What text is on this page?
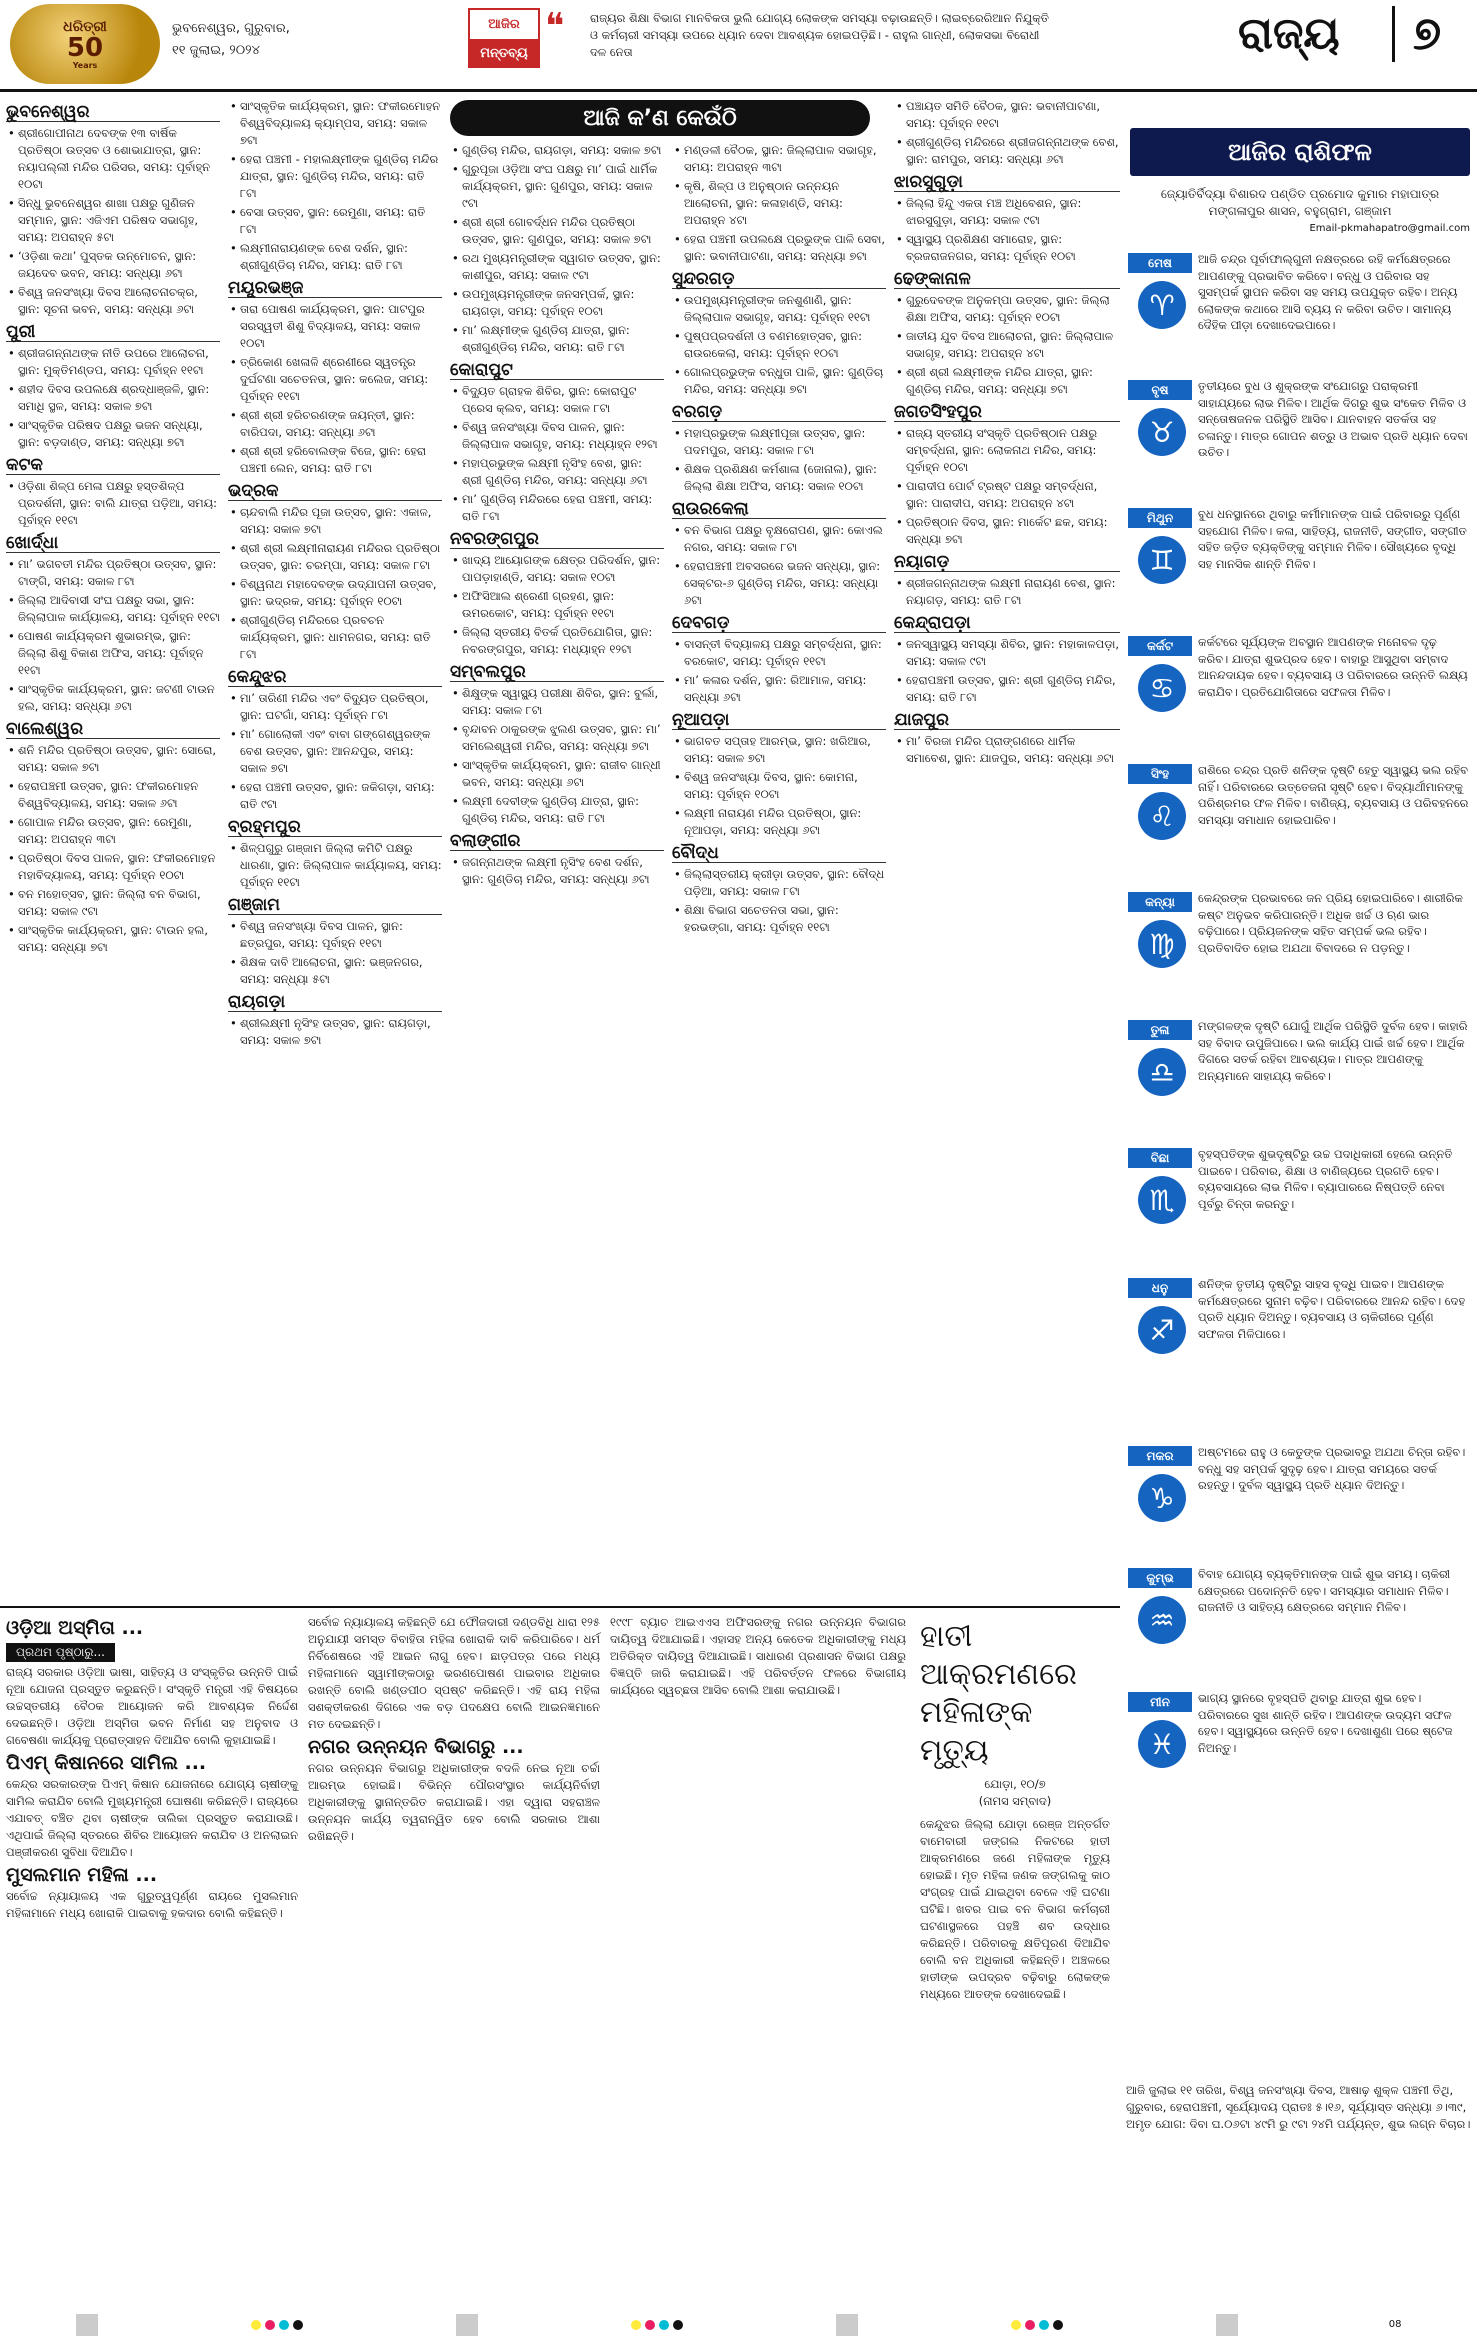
ଧରିତ୍ରୀ
50
Years
ଭୁବନେଶ୍ୱର, ଗୁରୁବାର,
୧୧ ଜୁଲାଇ, ୨୦୨୪
ଆଜିର
ମନ୍ତବ୍ୟ
❝ ରାଜ୍ୟର ଶିକ୍ଷା ବିଭାଗ ମାନବିକତା ଭୁଲି ଯୋଗ୍ୟ ଲୋକଙ୍କ ସମସ୍ୟା ବଢ଼ାଉଛନ୍ତି। ଲାଇବ୍ରେରିଆନ ନିଯୁକ୍ତି ଓ କର୍ମଚାରୀ ସମସ୍ୟା ଉପରେ ଧ୍ୟାନ ଦେବା ଆବଶ୍ୟକ ହୋଇପଡ଼ିଛି। - ରାହୁଲ ଗାନ୍ଧୀ, ଲୋକସଭା ବିରୋଧୀ ଦଳ ନେତା	ରାଜ୍ୟ	୭
ଆଜି କ’ଣ କେଉଁଠି
ଭୁବନେଶ୍ୱର
• ଶ୍ରୀଗୋପୀନାଥ ଦେବଙ୍କ ୧୩ ବାର୍ଷିକ ପ୍ରତିଷ୍ଠା ଉତ୍ସବ ଓ ଶୋଭାଯାତ୍ରା, ସ୍ଥାନ: ନୟାପଲ୍ଲୀ ମନ୍ଦିର ପରିସର, ସମୟ: ପୂର୍ବାହ୍ନ ୧୦ଟା
• ସିନ୍ଧୁ ଭୁବନେଶ୍ୱର ଶାଖା ପକ୍ଷରୁ ଗୁଣିଜନ ସମ୍ମାନ, ସ୍ଥାନ: ଏଜିଏମ ପରିଷଦ ସଭାଗୃହ, ସମୟ: ଅପରାହ୍ନ ୫ଟା
• ‘ଓଡ଼ିଶା କଥା’ ପୁସ୍ତକ ଉନ୍ମୋଚନ, ସ୍ଥାନ: ଜୟଦେବ ଭବନ, ସମୟ: ସନ୍ଧ୍ୟା ୬ଟା
• ବିଶ୍ୱ ଜନସଂଖ୍ୟା ଦିବସ ଆଲୋଚନାଚକ୍ର, ସ୍ଥାନ: ସୂଚନା ଭବନ, ସମୟ: ସନ୍ଧ୍ୟା ୬ଟା
ପୁରୀ
• ଶ୍ରୀଜଗନ୍ନାଥଙ୍କ ନୀତି ଉପରେ ଆଲୋଚନା, ସ୍ଥାନ: ମୁକ୍ତିମଣ୍ଡପ, ସମୟ: ପୂର୍ବାହ୍ନ ୧୧ଟା
• ଶହୀଦ ଦିବସ ଉପଲକ୍ଷେ ଶ୍ରଦ୍ଧାଞ୍ଜଳି, ସ୍ଥାନ: ସମାଧି ସ୍ଥଳ, ସମୟ: ସକାଳ ୭ଟା
• ସାଂସ୍କୃତିକ ପରିଷଦ ପକ୍ଷରୁ ଭଜନ ସନ୍ଧ୍ୟା, ସ୍ଥାନ: ବଡ଼ଦାଣ୍ଡ, ସମୟ: ସନ୍ଧ୍ୟା ୭ଟା
କଟକ
• ଓଡ଼ିଶା ଶିଳ୍ପ ମେଳା ପକ୍ଷରୁ ହସ୍ତଶିଳ୍ପ ପ୍ରଦର୍ଶନୀ, ସ୍ଥାନ: ବାଲି ଯାତ୍ରା ପଡ଼ିଆ, ସମୟ: ପୂର୍ବାହ୍ନ ୧୧ଟା
ଖୋର୍ଦ୍ଧା
• ମା’ ଭଗବତୀ ମନ୍ଦିର ପ୍ରତିଷ୍ଠା ଉତ୍ସବ, ସ୍ଥାନ: ଟାଙ୍ଗି, ସମୟ: ସକାଳ ୮ଟା
• ଜିଲ୍ଲା ଆଦିବାସୀ ସଂଘ ପକ୍ଷରୁ ସଭା, ସ୍ଥାନ: ଜିଲ୍ଲାପାଳ କାର୍ଯ୍ୟାଳୟ, ସମୟ: ପୂର୍ବାହ୍ନ ୧୧ଟା
• ପୋଷଣ କାର୍ଯ୍ୟକ୍ରମ ଶୁଭାରମ୍ଭ, ସ୍ଥାନ: ଜିଲ୍ଲା ଶିଶୁ ବିକାଶ ଅଫିସ, ସମୟ: ପୂର୍ବାହ୍ନ ୧୧ଟା
• ସାଂସ୍କୃତିକ କାର୍ଯ୍ୟକ୍ରମ, ସ୍ଥାନ: ଜଟଣୀ ଟାଉନ ହଲ, ସମୟ: ସନ୍ଧ୍ୟା ୬ଟା
ବାଲେଶ୍ୱର
• ଶନି ମନ୍ଦିର ପ୍ରତିଷ୍ଠା ଉତ୍ସବ, ସ୍ଥାନ: ସୋରୋ, ସମୟ: ସକାଳ ୭ଟା
• ହେରାପଞ୍ଚମୀ ଉତ୍ସବ, ସ୍ଥାନ: ଫକୀରମୋହନ ବିଶ୍ୱବିଦ୍ୟାଳୟ, ସମୟ: ସକାଳ ୬ଟା
• ଗୋପାଳ ମନ୍ଦିର ଉତ୍ସବ, ସ୍ଥାନ: ରେମୁଣା, ସମୟ: ଅପରାହ୍ନ ୩ଟା
• ପ୍ରତିଷ୍ଠା ଦିବସ ପାଳନ, ସ୍ଥାନ: ଫକୀରମୋହନ ମହାବିଦ୍ୟାଳୟ, ସମୟ: ପୂର୍ବାହ୍ନ ୧୦ଟା
• ବନ ମହୋତ୍ସବ, ସ୍ଥାନ: ଜିଲ୍ଲା ବନ ବିଭାଗ, ସମୟ: ସକାଳ ୯ଟା
• ସାଂସ୍କୃତିକ କାର୍ଯ୍ୟକ୍ରମ, ସ୍ଥାନ: ଟାଉନ ହଲ, ସମୟ: ସନ୍ଧ୍ୟା ୭ଟା
• ସାଂସ୍କୃତିକ କାର୍ଯ୍ୟକ୍ରମ, ସ୍ଥାନ: ଫକୀରମୋହନ ବିଶ୍ୱବିଦ୍ୟାଳୟ କ୍ୟାମ୍ପସ, ସମୟ: ସକାଳ ୭ଟା
• ହେରା ପଞ୍ଚମୀ - ମହାଲକ୍ଷ୍ମୀଙ୍କ ଗୁଣ୍ଡିଚା ମନ୍ଦିର ଯାତ୍ରା, ସ୍ଥାନ: ଗୁଣ୍ଡିଚା ମନ୍ଦିର, ସମୟ: ରାତି ୮ଟା
• ବେସା ଉତ୍ସବ, ସ୍ଥାନ: ରେମୁଣା, ସମୟ: ରାତି ୮ଟା
• ଲକ୍ଷ୍ମୀନାରାୟଣଙ୍କ ବେଶ ଦର୍ଶନ, ସ୍ଥାନ: ଶ୍ରୀଗୁଣ୍ଡିଚା ମନ୍ଦିର, ସମୟ: ରାତି ୮ଟା
ମୟୂରଭଞ୍ଜ
• ତାରା ପୋଷଣ କାର୍ଯ୍ୟକ୍ରମ, ସ୍ଥାନ: ପାଟପୁର ସରସ୍ୱତୀ ଶିଶୁ ବିଦ୍ୟାଳୟ, ସମୟ: ସକାଳ ୧୦ଟା
• ତ୍ରିକୋଣ ଖେଳାଳି ଶ୍ରେଣୀରେ ସ୍ୱତନ୍ତ୍ର ଦୁର୍ଘଟଣା ସଚେତନତା, ସ୍ଥାନ: କଲେଜ, ସମୟ: ପୂର୍ବାହ୍ନ ୧୧ଟା
• ଶ୍ରୀ ଶ୍ରୀ ହରିଚରଣଙ୍କ ଜୟନ୍ତୀ, ସ୍ଥାନ: ବାରିପଦା, ସମୟ: ସନ୍ଧ୍ୟା ୬ଟା
• ଶ୍ରୀ ଶ୍ରୀ ହରିବୋଲଙ୍କ ବିଜେ, ସ୍ଥାନ: ହେରା ପଞ୍ଚମୀ ଲେନ, ସମୟ: ରାତି ୮ଟା
ଭଦ୍ରକ
• ଚାନ୍ଦବାଲି ମନ୍ଦିର ପୂଜା ଉତ୍ସବ, ସ୍ଥାନ: ଏକାଳ, ସମୟ: ସକାଳ ୭ଟା
• ଶ୍ରୀ ଶ୍ରୀ ଲକ୍ଷ୍ମୀନାରାୟଣ ମନ୍ଦିରର ପ୍ରତିଷ୍ଠା ଉତ୍ସବ, ସ୍ଥାନ: ଚରମ୍ପା, ସମୟ: ସକାଳ ୮ଟା
• ବିଶ୍ୱନାଥ ମହାଦେବଙ୍କ ଉଦ୍‌ଯାପନୀ ଉତ୍ସବ, ସ୍ଥାନ: ଭଦ୍ରକ, ସମୟ: ପୂର୍ବାହ୍ନ ୧୦ଟା
• ଶ୍ରୀଗୁଣ୍ଡିଚା ମନ୍ଦିରରେ ପ୍ରବଚନ କାର୍ଯ୍ୟକ୍ରମ, ସ୍ଥାନ: ଧାମନଗର, ସମୟ: ରାତି ୮ଟା
କେନ୍ଦୁଝର
• ମା’ ତାରିଣୀ ମନ୍ଦିର ଏବଂ ବିଦ୍ୟୁତ ପ୍ରତିଷ୍ଠା, ସ୍ଥାନ: ଘଟଗାଁ, ସମୟ: ପୂର୍ବାହ୍ନ ୮ଟା
• ମା’ ଗୋଲୋକୀ ଏବଂ ବାବା ଗଙ୍ଗେଶ୍ୱରଙ୍କ ବେଶ ଉତ୍ସବ, ସ୍ଥାନ: ଆନନ୍ଦପୁର, ସମୟ: ସକାଳ ୭ଟା
• ହେରା ପଞ୍ଚମୀ ଉତ୍ସବ, ସ୍ଥାନ: ଜକିଗଡ଼ା, ସମୟ: ରାତି ୯ଟା
ବ୍ରହ୍ମପୁର
• ଶିଳ୍ପଗୁରୁ ଗଞ୍ଜାମ ଜିଲ୍ଲା କମିଟି ପକ୍ଷରୁ ଧାରଣା, ସ୍ଥାନ: ଜିଲ୍ଲାପାଳ କାର୍ଯ୍ୟାଳୟ, ସମୟ: ପୂର୍ବାହ୍ନ ୧୧ଟା
ଗଞ୍ଜାମ
• ବିଶ୍ୱ ଜନସଂଖ୍ୟା ଦିବସ ପାଳନ, ସ୍ଥାନ: ଛତ୍ରପୁର, ସମୟ: ପୂର୍ବାହ୍ନ ୧୧ଟା
• ଶିକ୍ଷକ ଦାବି ଆଲୋଚନା, ସ୍ଥାନ: ଭଞ୍ଜନଗର, ସମୟ: ସନ୍ଧ୍ୟା ୫ଟା
ରାୟଗଡ଼ା
• ଶ୍ରୀଲକ୍ଷ୍ମୀ ନୃସିଂହ ଉତ୍ସବ, ସ୍ଥାନ: ରାୟଗଡ଼ା, ସମୟ: ସକାଳ ୭ଟା
• ଗୁଣ୍ଡିଚା ମନ୍ଦିର, ରାୟଗଡ଼ା, ସମୟ: ସକାଳ ୭ଟା
• ଗୁରୁପୂଜା ଓଡ଼ିଆ ସଂଘ ପକ୍ଷରୁ ମା’ ପାଇଁ ଧାର୍ମିକ କାର୍ଯ୍ୟକ୍ରମ, ସ୍ଥାନ: ଗୁଣପୁର, ସମୟ: ସକାଳ ୯ଟା
• ଶ୍ରୀ ଶ୍ରୀ ଗୋବର୍ଦ୍ଧନ ମନ୍ଦିର ପ୍ରତିଷ୍ଠା ଉତ୍ସବ, ସ୍ଥାନ: ଗୁଣପୁର, ସମୟ: ସକାଳ ୭ଟା
• ରଥ ମୁଖ୍ୟମନ୍ତ୍ରୀଙ୍କ ସ୍ୱାଗତ ଉତ୍ସବ, ସ୍ଥାନ: କାଶୀପୁର, ସମୟ: ସକାଳ ୯ଟା
• ଉପମୁଖ୍ୟମନ୍ତ୍ରୀଙ୍କ ଜନସମ୍ପର୍କ, ସ୍ଥାନ: ରାୟଗଡ଼ା, ସମୟ: ପୂର୍ବାହ୍ନ ୧୦ଟା
• ମା’ ଲକ୍ଷ୍ମୀଙ୍କ ଗୁଣ୍ଡିଚା ଯାତ୍ରା, ସ୍ଥାନ: ଶ୍ରୀଗୁଣ୍ଡିଚା ମନ୍ଦିର, ସମୟ: ରାତି ୮ଟା
କୋରାପୁଟ
• ବିଦ୍ୟୁତ ଗ୍ରାହକ ଶିବିର, ସ୍ଥାନ: କୋରାପୁଟ ପ୍ରେସ କ୍ଲବ, ସମୟ: ସକାଳ ୮ଟା
• ବିଶ୍ୱ ଜନସଂଖ୍ୟା ଦିବସ ପାଳନ, ସ୍ଥାନ: ଜିଲ୍ଲାପାଳ ସଭାଗୃହ, ସମୟ: ମଧ୍ୟାହ୍ନ ୧୨ଟା
• ମହାପ୍ରଭୁଙ୍କ ଲକ୍ଷ୍ମୀ ନୃସିଂହ ବେଶ, ସ୍ଥାନ: ଶ୍ରୀ ଗୁଣ୍ଡିଚା ମନ୍ଦିର, ସମୟ: ସନ୍ଧ୍ୟା ୬ଟା
• ମା’ ଗୁଣ୍ଡିଚା ମନ୍ଦିରରେ ହେରା ପଞ୍ଚମୀ, ସମୟ: ରାତି ୮ଟା
ନବରଙ୍ଗପୁର
• ଖାଦ୍ୟ ଆୟୋଗଙ୍କ କ୍ଷେତ୍ର ପରିଦର୍ଶନ, ସ୍ଥାନ: ପାପଡ଼ାହାଣ୍ଡି, ସମୟ: ସକାଳ ୧୦ଟା
• ଅଫିସିଆଲ ଶ୍ରେଣୀ ଗ୍ରହଣ, ସ୍ଥାନ: ଉମରକୋଟ, ସମୟ: ପୂର୍ବାହ୍ନ ୧୧ଟା
• ଜିଲ୍ଲା ସ୍ତରୀୟ ବିତର୍କ ପ୍ରତିଯୋଗିତା, ସ୍ଥାନ: ନବରଙ୍ଗପୁର, ସମୟ: ମଧ୍ୟାହ୍ନ ୧୨ଟା
ସମ୍ବଲପୁର
• ଶିକ୍ଷୁଙ୍କ ସ୍ୱାସ୍ଥ୍ୟ ପରୀକ୍ଷା ଶିବିର, ସ୍ଥାନ: ବୁର୍ଲା, ସମୟ: ସକାଳ ୮ଟା
• ବୃନ୍ଦାବନ ଠାକୁରଙ୍କ ଝୁଲଣ ଉତ୍ସବ, ସ୍ଥାନ: ମା’ ସମଲେଶ୍ୱରୀ ମନ୍ଦିର, ସମୟ: ସନ୍ଧ୍ୟା ୭ଟା
• ସାଂସ୍କୃତିକ କାର୍ଯ୍ୟକ୍ରମ, ସ୍ଥାନ: ରାଜୀବ ଗାନ୍ଧୀ ଭବନ, ସମୟ: ସନ୍ଧ୍ୟା ୬ଟା
• ଲକ୍ଷ୍ମୀ ଦେବୀଙ୍କ ଗୁଣ୍ଡିଚା ଯାତ୍ରା, ସ୍ଥାନ: ଗୁଣ୍ଡିଚା ମନ୍ଦିର, ସମୟ: ରାତି ୮ଟା
ବଲାଙ୍ଗୀର
• ଜଗନ୍ନାଥଙ୍କ ଲକ୍ଷ୍ମୀ ନୃସିଂହ ବେଶ ଦର୍ଶନ, ସ୍ଥାନ: ଗୁଣ୍ଡିଚା ମନ୍ଦିର, ସମୟ: ସନ୍ଧ୍ୟା ୬ଟା
• ମଣ୍ଡଳୀ ବୈଠକ, ସ୍ଥାନ: ଜିଲ୍ଲାପାଳ ସଭାଗୃହ, ସମୟ: ଅପରାହ୍ନ ୩ଟା
• କୃଷି, ଶିଳ୍ପ ଓ ଅନୁଷ୍ଠାନ ଉନ୍ନୟନ ଆଲୋଚନା, ସ୍ଥାନ: କଳାହାଣ୍ଡି, ସମୟ: ଅପରାହ୍ନ ୪ଟା
• ହେରା ପଞ୍ଚମୀ ଉପଲକ୍ଷେ ପ୍ରଭୁଙ୍କ ପାଳି ସେବା, ସ୍ଥାନ: ଭବାନୀପାଟଣା, ସମୟ: ସନ୍ଧ୍ୟା ୭ଟା
ସୁନ୍ଦରଗଡ଼
• ଉପମୁଖ୍ୟମନ୍ତ୍ରୀଙ୍କ ଜନଶୁଣାଣି, ସ୍ଥାନ: ଜିଲ୍ଲାପାଳ ସଭାଗୃହ, ସମୟ: ପୂର୍ବାହ୍ନ ୧୧ଟା
• ପୁଷ୍ପପ୍ରଦର୍ଶନୀ ଓ ବଣମହୋତ୍ସବ, ସ୍ଥାନ: ରାଉରକେଲା, ସମୟ: ପୂର୍ବାହ୍ନ ୧୦ଟା
• ଗୋଲପ୍ରଭୁଙ୍କ ବନ୍ଧୁତା ପାଳି, ସ୍ଥାନ: ଗୁଣ୍ଡିଚା ମନ୍ଦିର, ସମୟ: ସନ୍ଧ୍ୟା ୭ଟା
ବରଗଡ଼
• ମହାପ୍ରଭୁଙ୍କ ଲକ୍ଷ୍ମୀପୂଜା ଉତ୍ସବ, ସ୍ଥାନ: ପଦମପୁର, ସମୟ: ସକାଳ ୮ଟା
• ଶିକ୍ଷକ ପ୍ରଶିକ୍ଷଣ କର୍ମଶାଳା (ଜୋନାଲ), ସ୍ଥାନ: ଜିଲ୍ଲା ଶିକ୍ଷା ଅଫିସ, ସମୟ: ସକାଳ ୧୦ଟା
ରାଉରକେଲା
• ବନ ବିଭାଗ ପକ୍ଷରୁ ବୃକ୍ଷରୋପଣ, ସ୍ଥାନ: କୋଏଲ ନଗର, ସମୟ: ସକାଳ ୮ଟା
• ହେରାପଞ୍ଚମୀ ଅବସରରେ ଭଜନ ସନ୍ଧ୍ୟା, ସ୍ଥାନ: ସେକ୍ଟର-୬ ଗୁଣ୍ଡିଚା ମନ୍ଦିର, ସମୟ: ସନ୍ଧ୍ୟା ୬ଟା
ଦେବଗଡ଼
• ବାସନ୍ତୀ ବିଦ୍ୟାଳୟ ପକ୍ଷରୁ ସମ୍ବର୍ଦ୍ଧନା, ସ୍ଥାନ: ବରକୋଟ, ସମୟ: ପୂର୍ବାହ୍ନ ୧୧ଟା
• ମା’ କଳାର ଦର୍ଶନ, ସ୍ଥାନ: ରିଆମାଳ, ସମୟ: ସନ୍ଧ୍ୟା ୬ଟା
ନୂଆପଡ଼ା
• ଭାଗବତ ସପ୍ତାହ ଆରମ୍ଭ, ସ୍ଥାନ: ଖରିଆର, ସମୟ: ସକାଳ ୭ଟା
• ବିଶ୍ୱ ଜନସଂଖ୍ୟା ଦିବସ, ସ୍ଥାନ: କୋମନା, ସମୟ: ପୂର୍ବାହ୍ନ ୧୦ଟା
• ଲକ୍ଷ୍ମୀ ନାରାୟଣ ମନ୍ଦିର ପ୍ରତିଷ୍ଠା, ସ୍ଥାନ: ନୂଆପଡ଼ା, ସମୟ: ସନ୍ଧ୍ୟା ୬ଟା
ବୌଦ୍ଧ
• ଜିଲ୍ଲାସ୍ତରୀୟ କ୍ରୀଡ଼ା ଉତ୍ସବ, ସ୍ଥାନ: ବୌଦ୍ଧ ପଡ଼ିଆ, ସମୟ: ସକାଳ ୮ଟା
• ଶିକ୍ଷା ବିଭାଗ ସଚେତନତା ସଭା, ସ୍ଥାନ: ହରଭଙ୍ଗା, ସମୟ: ପୂର୍ବାହ୍ନ ୧୧ଟା
• ପଞ୍ଚାୟତ ସମିତି ବୈଠକ, ସ୍ଥାନ: ଭବାନୀପାଟଣା, ସମୟ: ପୂର୍ବାହ୍ନ ୧୧ଟା
• ଶ୍ରୀଗୁଣ୍ଡିଚା ମନ୍ଦିରରେ ଶ୍ରୀଜଗନ୍ନାଥଙ୍କ ବେଶ, ସ୍ଥାନ: ରାମପୁର, ସମୟ: ସନ୍ଧ୍ୟା ୬ଟା
ଝାରସୁଗୁଡ଼ା
• ଜିଲ୍ଲା ହିନ୍ଦୁ ଏକତା ମଞ୍ଚ ଅଧିବେଶନ, ସ୍ଥାନ: ଝାରସୁଗୁଡ଼ା, ସମୟ: ସକାଳ ୯ଟା
• ସ୍ୱାସ୍ଥ୍ୟ ପ୍ରଶିକ୍ଷଣ ସମାରୋହ, ସ୍ଥାନ: ବ୍ରଜରାଜନଗର, ସମୟ: ପୂର୍ବାହ୍ନ ୧୦ଟା
ଢେଙ୍କାନାଳ
• ଗୁରୁଦେବଙ୍କ ଅନୁକମ୍ପା ଉତ୍ସବ, ସ୍ଥାନ: ଜିଲ୍ଲା ଶିକ୍ଷା ଅଫିସ, ସମୟ: ପୂର୍ବାହ୍ନ ୧୦ଟା
• ଜାତୀୟ ଯୁବ ଦିବସ ଆଲୋଚନା, ସ୍ଥାନ: ଜିଲ୍ଲାପାଳ ସଭାଗୃହ, ସମୟ: ଅପରାହ୍ନ ୪ଟା
• ଶ୍ରୀ ଶ୍ରୀ ଲକ୍ଷ୍ମୀଙ୍କ ମନ୍ଦିର ଯାତ୍ରା, ସ୍ଥାନ: ଗୁଣ୍ଡିଚା ମନ୍ଦିର, ସମୟ: ସନ୍ଧ୍ୟା ୭ଟା
ଜଗତସିଂହପୁର
• ରାଜ୍ୟ ସ୍ତରୀୟ ସଂସ୍କୃତି ପ୍ରତିଷ୍ଠାନ ପକ୍ଷରୁ ସମ୍ବର୍ଦ୍ଧନା, ସ୍ଥାନ: ଲୋକନାଥ ମନ୍ଦିର, ସମୟ: ପୂର୍ବାହ୍ନ ୧୦ଟା
• ପାରାଦୀପ ପୋର୍ଟ ଟ୍ରଷ୍ଟ ପକ୍ଷରୁ ସମ୍ବର୍ଦ୍ଧନା, ସ୍ଥାନ: ପାରାଦୀପ, ସମୟ: ଅପରାହ୍ନ ୪ଟା
• ପ୍ରତିଷ୍ଠାନ ଦିବସ, ସ୍ଥାନ: ମାର୍କେଟ ଛକ, ସମୟ: ସନ୍ଧ୍ୟା ୭ଟା
ନୟାଗଡ଼
• ଶ୍ରୀଜଗନ୍ନାଥଙ୍କ ଲକ୍ଷ୍ମୀ ନାରାୟଣ ବେଶ, ସ୍ଥାନ: ନୟାଗଡ଼, ସମୟ: ରାତି ୮ଟା
କେନ୍ଦ୍ରାପଡ଼ା
• ଜନସ୍ୱାସ୍ଥ୍ୟ ସମସ୍ୟା ଶିବିର, ସ୍ଥାନ: ମହାକାଳପଡ଼ା, ସମୟ: ସକାଳ ୯ଟା
• ହେରାପଞ୍ଚମୀ ଉତ୍ସବ, ସ୍ଥାନ: ଶ୍ରୀ ଗୁଣ୍ଡିଚା ମନ୍ଦିର, ସମୟ: ରାତି ୮ଟା
ଯାଜପୁର
• ମା’ ବିରଜା ମନ୍ଦିର ପ୍ରାଙ୍ଗଣରେ ଧାର୍ମିକ ସମାବେଶ, ସ୍ଥାନ: ଯାଜପୁର, ସମୟ: ସନ୍ଧ୍ୟା ୬ଟା
ଆଜିର ରାଶିଫଳ
ଜ୍ୟୋତିର୍ବିଦ୍ୟା ବିଶାରଦ ପଣ୍ଡିତ ପ୍ରମୋଦ କୁମାର ମହାପାତ୍ର
ମଙ୍ଗଳାପୁର ଶାସନ, ବହୁଗ୍ରାମ, ଗଞ୍ଜାମ
Email-pkmahapatro@gmail.com
ମେଷ
♈
ଆଜି ଚନ୍ଦ୍ର ପୂର୍ବାଫାଲ୍ଗୁନୀ ନକ୍ଷତ୍ରରେ ରହି କର୍ମକ୍ଷେତ୍ରରେ ଆପଣଙ୍କୁ ପ୍ରଭାବିତ କରିବେ। ବନ୍ଧୁ ଓ ପରିବାର ସହ ସୁସମ୍ପର୍କ ସ୍ଥାପନ କରିବା ସହ ସମୟ ଉପଯୁକ୍ତ ରହିବ। ଅନ୍ୟ ଲୋକଙ୍କ କଥାରେ ଆସି ବ୍ୟୟ ନ କରିବା ଉଚିତ। ସାମାନ୍ୟ ଦୈହିକ ପୀଡ଼ା ଦେଖାଦେଇପାରେ।
ବୃଷ
♉
ତୃତୀୟରେ ବୁଧ ଓ ଶୁକ୍ରଙ୍କ ସଂଯୋଗରୁ ପରାକ୍ରମୀ ସାହାଯ୍ୟରେ ଲାଭ ମିଳିବ। ଆର୍ଥିକ ଦିଗରୁ ଶୁଭ ସଂକେତ ମିଳିବ ଓ ସନ୍ତୋଷଜନକ ପରିସ୍ଥିତି ଆସିବ। ଯାନବାହନ ସତର୍କତା ସହ ଚଳାନ୍ତୁ। ମାତ୍ର ଗୋପନ ଶତ୍ରୁ ଓ ଅଭାବ ପ୍ରତି ଧ୍ୟାନ ଦେବା ଉଚିତ।
ମିଥୁନ
♊
ବୁଧ ଧନସ୍ଥାନରେ ଥିବାରୁ କର୍ମୀମାନଙ୍କ ପାଇଁ ପରିବାରରୁ ପୂର୍ଣ୍ଣ ସହଯୋଗ ମିଳିବ। କଳା, ସାହିତ୍ୟ, ରାଜନୀତି, ସଙ୍ଗୀତ, ସଙ୍ଗୀତ ସହିତ ଜଡ଼ିତ ବ୍ୟକ୍ତିଙ୍କୁ ସମ୍ମାନ ମିଳିବ। ସୌଖ୍ୟରେ ବୃଦ୍ଧି ସହ ମାନସିକ ଶାନ୍ତି ମିଳିବ।
କର୍କଟ
♋
କର୍କଟରେ ସୂର୍ଯ୍ୟଙ୍କ ଅବସ୍ଥାନ ଆପଣଙ୍କ ମନୋବଳ ଦୃଢ଼ କରିବ। ଯାତ୍ରା ଶୁଭପ୍ରଦ ହେବ। ବାହାରୁ ଆସୁଥିବା ସମ୍ବାଦ ଆନନ୍ଦଦାୟକ ହେବ। ବ୍ୟବସାୟ ଓ ପରିବାରରେ ଉନ୍ନତି ଲକ୍ଷ୍ୟ କରାଯିବ। ପ୍ରତିଯୋଗିତାରେ ସଫଳତା ମିଳିବ।
ସିଂହ
♌
ରାଶିରେ ଚନ୍ଦ୍ର ପ୍ରତି ଶନିଙ୍କ ଦୃଷ୍ଟି ହେତୁ ସ୍ୱାସ୍ଥ୍ୟ ଭଲ ରହିବ ନାହିଁ। ପରିବାରରେ ଉତ୍ତେଜନା ସୃଷ୍ଟି ହେବ। ବିଦ୍ୟାର୍ଥୀମାନଙ୍କୁ ପରିଶ୍ରମର ଫଳ ମିଳିବ। ବାଣିଜ୍ୟ, ବ୍ୟବସାୟ ଓ ପରିବହନରେ ସମସ୍ୟା ସମାଧାନ ହୋଇପାରିବ।
କନ୍ୟା
♍
କେନ୍ଦ୍ରଙ୍କ ପ୍ରଭାବରେ ଜନ ପ୍ରିୟ ହୋଇପାରିବେ। ଶାରୀରିକ କଷ୍ଟ ଅନୁଭବ କରିପାରନ୍ତି। ଅଧିକ ଖର୍ଚ୍ଚ ଓ ଋଣ ଭାର ବଢ଼ିପାରେ। ପ୍ରିୟଜନଙ୍କ ସହିତ ସମ୍ପର୍କ ଭଲ ରହିବ। ପ୍ରତିବାଦିତ ହୋଇ ଅଯଥା ବିବାଦରେ ନ ପଡ଼ନ୍ତୁ।
ତୁଳା
♎
ମଙ୍ଗଳଙ୍କ ଦୃଷ୍ଟି ଯୋଗୁଁ ଆର୍ଥିକ ପରିସ୍ଥିତି ଦୁର୍ବଳ ହେବ। କାହାରି ସହ ବିବାଦ ଉପୁଜିପାରେ। ଭଲ କାର୍ଯ୍ୟ ପାଇଁ ଖର୍ଚ୍ଚ ହେବ। ଆର୍ଥିକ ଦିଗରେ ସତର୍କ ରହିବା ଆବଶ୍ୟକ। ମାତ୍ର ଆପଣଙ୍କୁ ଅନ୍ୟମାନେ ସାହାଯ୍ୟ କରିବେ।
ବିଛା
♏
ବୃହସ୍ପତିଙ୍କ ଶୁଭଦୃଷ୍ଟିରୁ ଉଚ୍ଚ ପଦାଧିକାରୀ ହେଲେ ଉନ୍ନତି ପାଇବେ। ପରିବାର, ଶିକ୍ଷା ଓ ବାଣିଜ୍ୟରେ ପ୍ରଗତି ହେବ। ବ୍ୟବସାୟରେ ଲାଭ ମିଳିବ। ବ୍ୟାପାରରେ ନିଷ୍ପତ୍ତି ନେବା ପୂର୍ବରୁ ଚିନ୍ତା କରନ୍ତୁ।
ଧନୁ
♐
ଶନିଙ୍କ ତୃତୀୟ ଦୃଷ୍ଟିରୁ ସାହସ ବୃଦ୍ଧି ପାଇବ। ଆପଣଙ୍କ କର୍ମକ୍ଷେତ୍ରରେ ସୁନାମ ବଢ଼ିବ। ପରିବାରରେ ଆନନ୍ଦ ରହିବ। ଦେହ ପ୍ରତି ଧ୍ୟାନ ଦିଅନ୍ତୁ। ବ୍ୟବସାୟ ଓ ଚାକିରୀରେ ପୂର୍ଣ୍ଣ ସଫଳତା ମିଳିପାରେ।
ମକର
♑
ଅଷ୍ଟମରେ ରାହୁ ଓ କେତୁଙ୍କ ପ୍ରଭାବରୁ ଅଯଥା ଚିନ୍ତା ରହିବ। ବନ୍ଧୁ ସହ ସମ୍ପର୍କ ସୁଦୃଢ଼ ହେବ। ଯାତ୍ରା ସମୟରେ ସତର୍କ ରହନ୍ତୁ। ଦୁର୍ବଳ ସ୍ୱାସ୍ଥ୍ୟ ପ୍ରତି ଧ୍ୟାନ ଦିଅନ୍ତୁ।
କୁମ୍ଭ
♒
ବିବାହ ଯୋଗ୍ୟ ବ୍ୟକ୍ତିମାନଙ୍କ ପାଇଁ ଶୁଭ ସମୟ। ଚାକିରୀ କ୍ଷେତ୍ରରେ ପଦୋନ୍ନତି ହେବ। ସମସ୍ୟାର ସମାଧାନ ମିଳିବ। ରାଜନୀତି ଓ ସାହିତ୍ୟ କ୍ଷେତ୍ରରେ ସମ୍ମାନ ମିଳିବ।
ମୀନ
♓
ଭାଗ୍ୟ ସ୍ଥାନରେ ବୃହସ୍ପତି ଥିବାରୁ ଯାତ୍ରା ଶୁଭ ହେବ। ପରିବାରରେ ସୁଖ ଶାନ୍ତି ରହିବ। ଆପଣଙ୍କ ଉଦ୍ୟମ ସଫଳ ହେବ। ସ୍ୱାସ୍ଥ୍ୟରେ ଉନ୍ନତି ହେବ। ଦେଖାଶୁଣା ପରେ ଷ୍ଟେଜ ନିଅନ୍ତୁ।
ଓଡ଼ିଆ ଅସ୍ମିତା ...
ପ୍ରଥମ ପୃଷ୍ଠାରୁ...

ରାଜ୍ୟ ସରକାର ଓଡ଼ିଆ ଭାଷା, ସାହିତ୍ୟ ଓ ସଂସ୍କୃତିର ଉନ୍ନତି ପାଇଁ ନୂଆ ଯୋଜନା ପ୍ରସ୍ତୁତ କରୁଛନ୍ତି। ସଂସ୍କୃତି ମନ୍ତ୍ରୀ ଏହି ବିଷୟରେ ଉଚ୍ଚସ୍ତରୀୟ ବୈଠକ ଆୟୋଜନ କରି ଆବଶ୍ୟକ ନିର୍ଦ୍ଦେଶ ଦେଇଛନ୍ତି। ଓଡ଼ିଆ ଅସ୍ମିତା ଭବନ ନିର୍ମାଣ ସହ ଅନୁବାଦ ଓ ଗବେଷଣା କାର୍ଯ୍ୟକୁ ପ୍ରୋତ୍ସାହନ ଦିଆଯିବ ବୋଲି କୁହାଯାଇଛି।

ପିଏମ୍ କିଷାନରେ ସାମିଲ ...

କେନ୍ଦ୍ର ସରକାରଙ୍କ ପିଏମ୍ କିଷାନ ଯୋଜନାରେ ଯୋଗ୍ୟ ଚାଷୀଙ୍କୁ ସାମିଲ କରାଯିବ ବୋଲି ମୁଖ୍ୟମନ୍ତ୍ରୀ ଘୋଷଣା କରିଛନ୍ତି। ରାଜ୍ୟରେ ଏଯାବତ୍ ବଞ୍ଚିତ ଥିବା ଚାଷୀଙ୍କ ତାଲିକା ପ୍ରସ୍ତୁତ କରାଯାଉଛି। ଏଥିପାଇଁ ଜିଲ୍ଲା ସ୍ତରରେ ଶିବିର ଆୟୋଜନ କରାଯିବ ଓ ଅନଲାଇନ ପଞ୍ଜୀକରଣ ସୁବିଧା ଦିଆଯିବ।

ମୁସଲମାନ ମହିଳା ...

ସର୍ବୋଚ୍ଚ ନ୍ୟାୟାଳୟ ଏକ ଗୁରୁତ୍ୱପୂର୍ଣ୍ଣ ରାୟରେ ମୁସଲମାନ ମହିଳାମାନେ ମଧ୍ୟ ଖୋରାକି ପାଇବାକୁ ହକଦାର ବୋଲି କହିଛନ୍ତି।

ସର୍ବୋଚ୍ଚ ନ୍ୟାୟାଳୟ କହିଛନ୍ତି ଯେ ଫୌଜଦାରୀ ଦଣ୍ଡବିଧି ଧାରା ୧୨୫ ଅନୁଯାୟୀ ସମସ୍ତ ବିବାହିତା ମହିଳା ଖୋରାକି ଦାବି କରିପାରିବେ। ଧର୍ମ ନିର୍ବିଶେଷରେ ଏହି ଆଇନ ଲାଗୁ ହେବ। ଛାଡ଼ପତ୍ର ପରେ ମଧ୍ୟ ମହିଳାମାନେ ସ୍ୱାମୀଙ୍କଠାରୁ ଭରଣପୋଷଣ ପାଇବାର ଅଧିକାର ରଖନ୍ତି ବୋଲି ଖଣ୍ଡପୀଠ ସ୍ପଷ୍ଟ କରିଛନ୍ତି। ଏହି ରାୟ ମହିଳା ସଶକ୍ତୀକରଣ ଦିଗରେ ଏକ ବଡ଼ ପଦକ୍ଷେପ ବୋଲି ଆଇନଜ୍ଞମାନେ ମତ ଦେଇଛନ୍ତି।

ନଗର ଉନ୍ନୟନ ବିଭାଗରୁ ...

ନଗର ଉନ୍ନୟନ ବିଭାଗରୁ ଅଧିକାରୀଙ୍କ ବଦଳି ନେଇ ନୂଆ ଚର୍ଚ୍ଚା ଆରମ୍ଭ ହୋଇଛି। ବିଭିନ୍ନ ପୌରସଂସ୍ଥାର କାର୍ଯ୍ୟନିର୍ବାହୀ ଅଧିକାରୀଙ୍କୁ ସ୍ଥାନାନ୍ତରିତ କରାଯାଇଛି। ଏହା ଦ୍ୱାରା ସହରାଞ୍ଚଳ ଉନ୍ନୟନ କାର୍ଯ୍ୟ ତ୍ୱରାନ୍ୱିତ ହେବ ବୋଲି ସରକାର ଆଶା ରଖିଛନ୍ତି।

୧୯୯୮ ବ୍ୟାଚ ଆଇଏଏସ ଅଫିସରଙ୍କୁ ନଗର ଉନ୍ନୟନ ବିଭାଗର ଦାୟିତ୍ୱ ଦିଆଯାଇଛି। ଏହାସହ ଅନ୍ୟ କେତେକ ଅଧିକାରୀଙ୍କୁ ମଧ୍ୟ ଅତିରିକ୍ତ ଦାୟିତ୍ୱ ଦିଆଯାଇଛି। ସାଧାରଣ ପ୍ରଶାସନ ବିଭାଗ ପକ୍ଷରୁ ବିଜ୍ଞପ୍ତି ଜାରି କରାଯାଇଛି। ଏହି ପରିବର୍ତ୍ତନ ଫଳରେ ବିଭାଗୀୟ କାର୍ଯ୍ୟରେ ସ୍ୱଚ୍ଛତା ଆସିବ ବୋଲି ଆଶା କରାଯାଉଛି।

ହାତୀ ଆକ୍ରମଣରେ ମହିଳାଙ୍କ ମୃତ୍ୟୁ
ଯୋଡ଼ା, ୧୦/୭
(ନାମସ ସମ୍ବାଦ)

କେନ୍ଦୁଝର ଜିଲ୍ଲା ଯୋଡ଼ା ରେଞ୍ଜ ଅନ୍ତର୍ଗତ ବାମେବାରୀ ଜଙ୍ଗଲ ନିକଟରେ ହାତୀ ଆକ୍ରମଣରେ ଜଣେ ମହିଳାଙ୍କ ମୃତ୍ୟୁ ହୋଇଛି। ମୃତ ମହିଳା ଜଣକ ଜଙ୍ଗଲକୁ କାଠ ସଂଗ୍ରହ ପାଇଁ ଯାଇଥିବା ବେଳେ ଏହି ଘଟଣା ଘଟିଛି। ଖବର ପାଇ ବନ ବିଭାଗ କର୍ମଚାରୀ ଘଟଣାସ୍ଥଳରେ ପହଞ୍ଚି ଶବ ଉଦ୍ଧାର କରିଛନ୍ତି। ପରିବାରକୁ କ୍ଷତିପୂରଣ ଦିଆଯିବ ବୋଲି ବନ ଅଧିକାରୀ କହିଛନ୍ତି। ଅଞ୍ଚଳରେ ହାତୀଙ୍କ ଉପଦ୍ରବ ବଢ଼ିବାରୁ ଲୋକଙ୍କ ମଧ୍ୟରେ ଆତଙ୍କ ଦେଖାଦେଇଛି।

ଆଜି ଜୁଲାଇ ୧୧ ତାରିଖ, ବିଶ୍ୱ ଜନସଂଖ୍ୟା ଦିବସ, ଆଷାଢ଼ ଶୁକ୍ଳ ପଞ୍ଚମୀ ତିଥି, ଗୁରୁବାର, ହେରାପଞ୍ଚମୀ, ସୂର୍ଯ୍ୟୋଦୟ ପ୍ରାତଃ ୫।୧୬, ସୂର୍ଯ୍ୟାସ୍ତ ସନ୍ଧ୍ୟା ୬।୩୯, ଅମୃତ ଯୋଗ: ଦିବା ଘ.୦୬ଟା ୪୯ମି ରୁ ୯ଟା ୨୪ମି ପର୍ଯ୍ୟନ୍ତ, ଶୁଭ ଲଗ୍ନ ବିଚାର।
08
